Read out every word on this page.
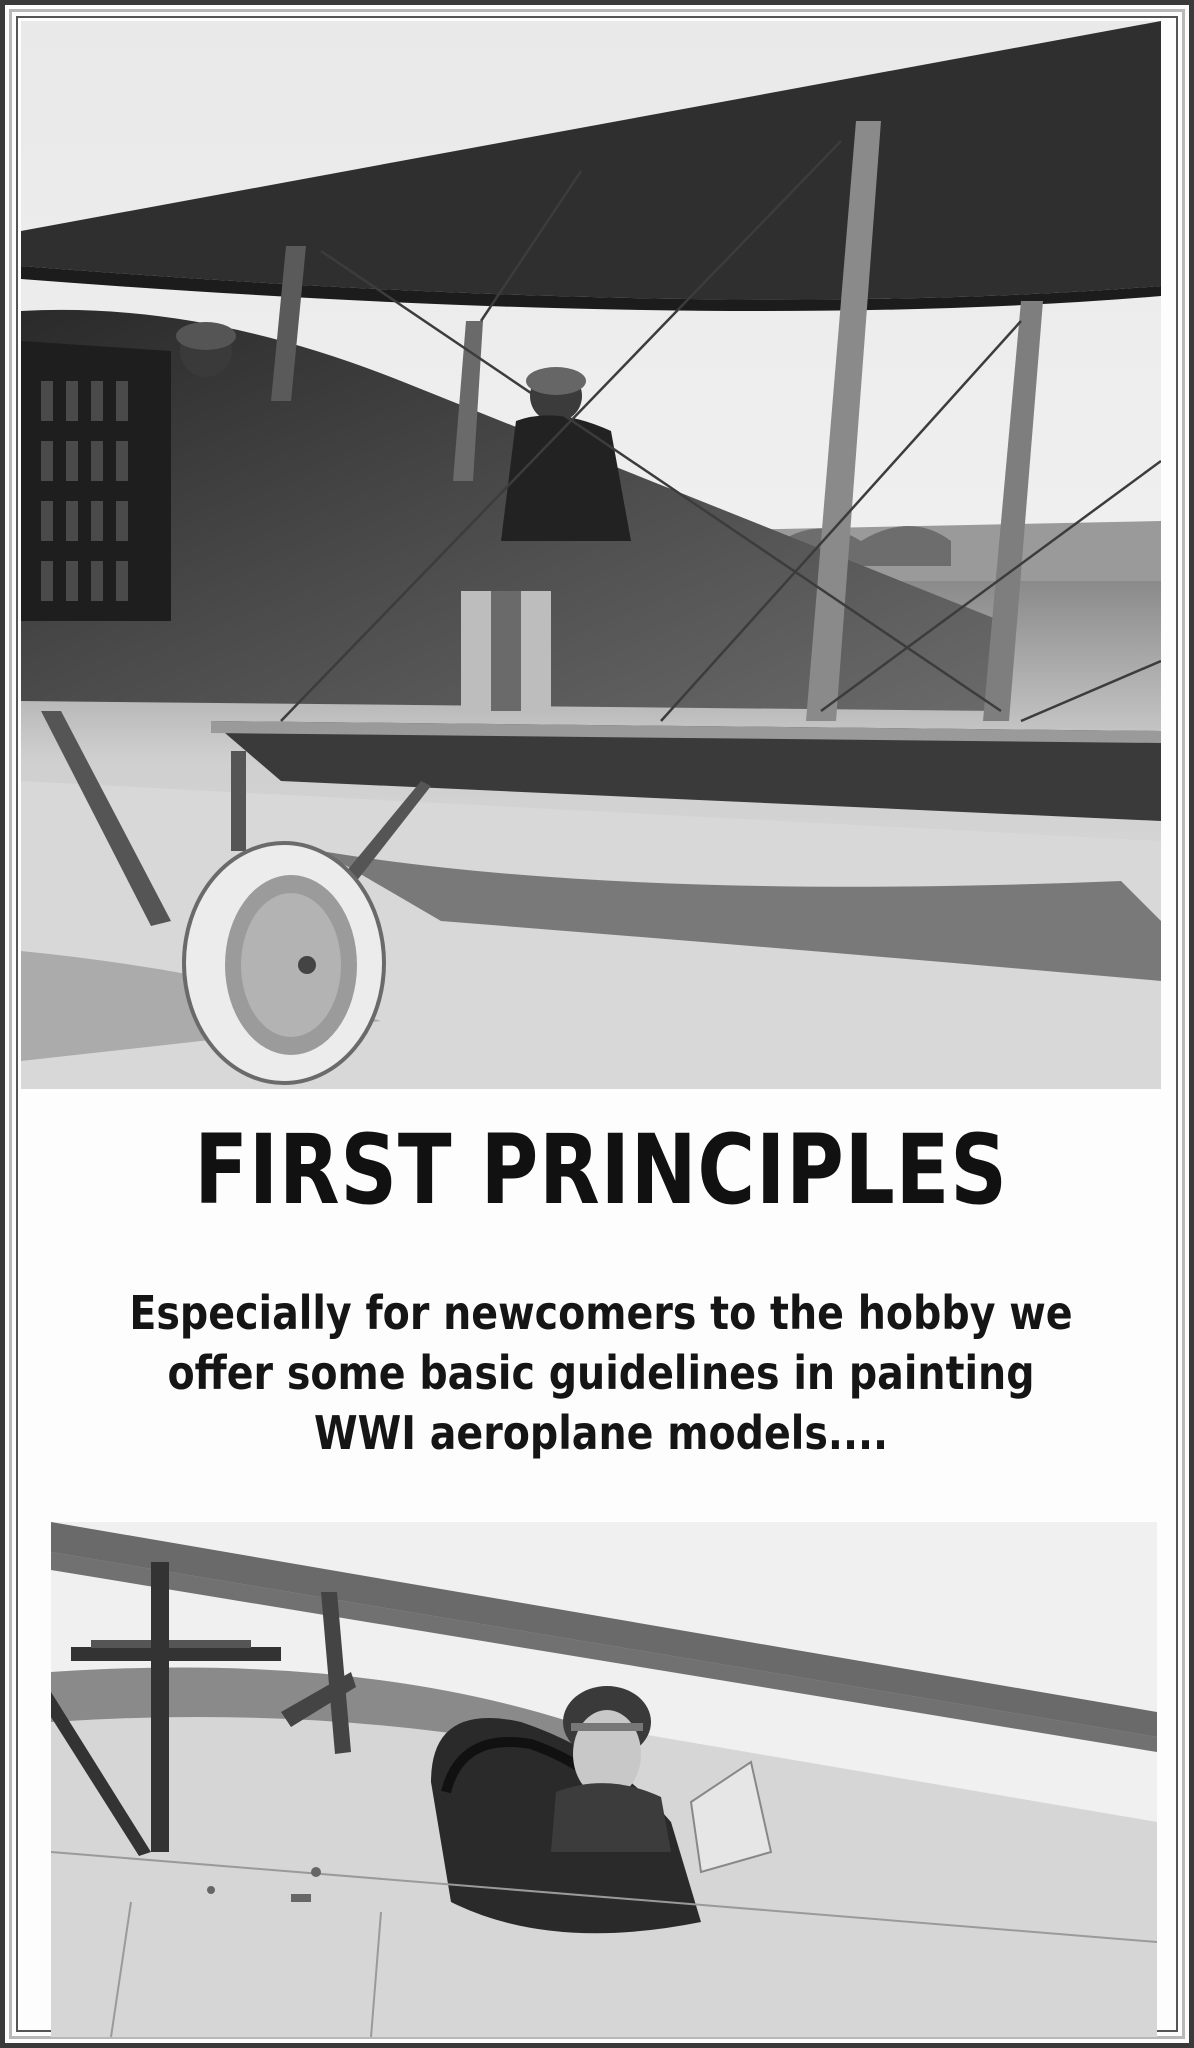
FIRST PRINCIPLES
Especially for newcomers to the hobby we
offer some basic guidelines in painting
WWI aeroplane models....
